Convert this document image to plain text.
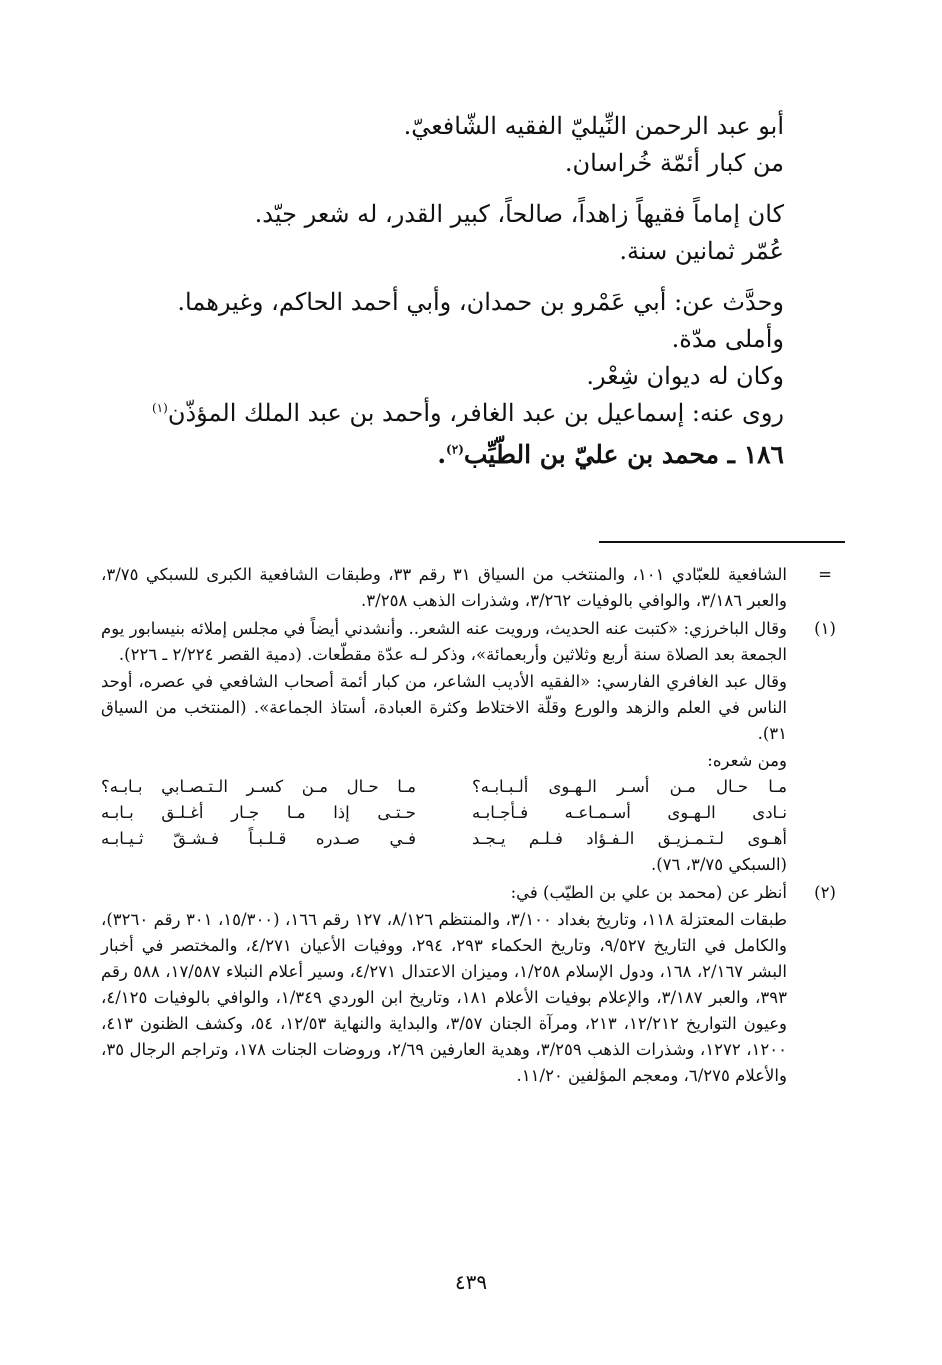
أبو عبد الرحمن النِّيليّ الفقيه الشّافعيّ.

من كبار أئمّة خُراسان.

كان إماماً فقيهاً زاهداً، صالحاً، كبير القدر، له شعر جيّد.

عُمّر ثمانين سنة.

وحدَّث عن: أبي عَمْرو بن حمدان، وأبي أحمد الحاكم، وغيرهما.

وأملى مدّة.

وكان له ديوان شِعْر.

روى عنه: إسماعيل بن عبد الغافر، وأحمد بن عبد الملك المؤذّن$^{(١)}$

١٨٦ ـ محمد بن عليّ بن الطّيِّب$^{(٢)}$.

=

الشافعية للعبّادي ١٠١، والمنتخب من السياق ٣١ رقم ٣٣، وطبقات الشافعية الكبرى للسبكي ٣/٧٥، والعبر ٣/١٨٦، والوافي بالوفيات ٣/٢٦٢، وشذرات الذهب ٣/٢٥٨.

(١)

وقال الباخرزي: «كتبت عنه الحديث، ورويت عنه الشعر.. وأنشدني أيضاً في مجلس إملائه بنيسابور يوم الجمعة بعد الصلاة سنة أربع وثلاثين وأربعمائة»، وذكر لـه عدّة مقطّعات. (دمية القصر ٢/٢٢٤ ـ ٢٢٦).

وقال عبد الغافري الفارسي: «الفقيه الأديب الشاعر، من كبار أئمة أصحاب الشافعي في عصره، أوحد الناس في العلم والزهد والورع وقلّة الاختلاط وكثرة العبادة، أستاذ الجماعة». (المنتخب من السياق ٣١).

ومن شعره:

مـا حـال مـن أسـر الـهـوى ألـبـابـه؟
مـا حـال مـن كسـر الـتـصـابي بـابـه؟
نـادى الـهـوى أسـمـاعـه فـأجـابـه
حـتـى إذا مـا جـار أغـلـق بـابـه
أهـوى لـتـمـزيـق الـفـؤاد فـلـم يـجـد
فـي صـدره قـلـبـاً فـشـقّ ثـيـابـه

(السبكي ٣/٧٥، ٧٦).

(٢)

أنظر عن (محمد بن علي بن الطيّب) في:

طبقات المعتزلة ١١٨، وتاريخ بغداد ٣/١٠٠، والمنتظم ٨/١٢٦، ١٢٧ رقم ١٦٦، (١٥/٣٠٠، ٣٠١ رقم ٣٢٦٠)، والكامل في التاريخ ٩/٥٢٧، وتاريخ الحكماء ٢٩٣، ٢٩٤، ووفيات الأعيان ٤/٢٧١، والمختصر في أخبار البشر ٢/١٦٧، ١٦٨، ودول الإسلام ١/٢٥٨، وميزان الاعتدال ٤/٢٧١، وسير أعلام النبلاء ١٧/٥٨٧، ٥٨٨ رقم ٣٩٣، والعبر ٣/١٨٧، والإعلام بوفيات الأعلام ١٨١، وتاريخ ابن الوردي ١/٣٤٩، والوافي بالوفيات ٤/١٢٥، وعيون التواريخ ١٢/٢١٢، ٢١٣، ومرآة الجنان ٣/٥٧، والبداية والنهاية ١٢/٥٣، ٥٤، وكشف الظنون ٤١٣، ١٢٠٠، ١٢٧٢، وشذرات الذهب ٣/٢٥٩، وهدية العارفين ٢/٦٩، وروضات الجنات ١٧٨، وتراجم الرجال ٣٥، والأعلام ٦/٢٧٥، ومعجم المؤلفين ١١/٢٠.

٤٣٩
